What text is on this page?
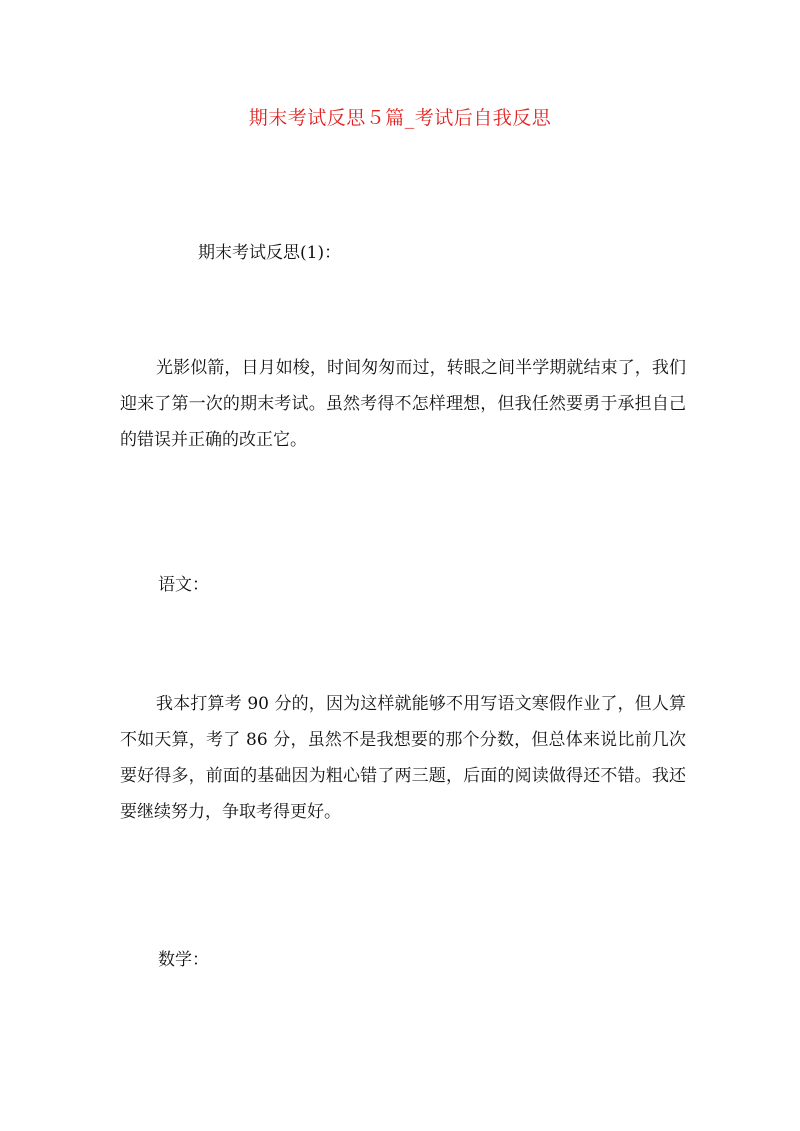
期末考试反思５篇_考试后自我反思

期末考试反思(1)：

光影似箭，日月如梭，时间匆匆而过，转眼之间半学期就结束了，我们迎来了第一次的期末考试。虽然考得不怎样理想，但我任然要勇于承担自己的错误并正确的改正它。

语文：

我本打算考 90 分的，因为这样就能够不用写语文寒假作业了，但人算不如天算，考了 86 分，虽然不是我想要的那个分数，但总体来说比前几次要好得多，前面的基础因为粗心错了两三题，后面的阅读做得还不错。我还要继续努力，争取考得更好。

数学：
